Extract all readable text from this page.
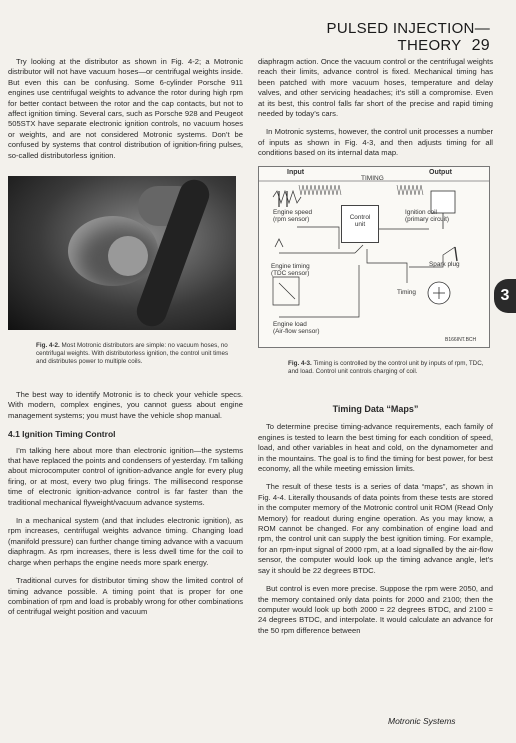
PULSED INJECTION—THEORY 29
3

Try looking at the distributor as shown in Fig. 4-2; a Motronic distributor will not have vacuum hoses—or centrifugal weights inside. But even this can be confusing. Some 6-cylinder Porsche 911 engines use centrifugal weights to advance the rotor during high rpm for better contact between the rotor and the cap contacts, but not to affect ignition timing. Several cars, such as Porsche 928 and Peugeot 505STX have separate electronic ignition controls, no vacuum hoses or weights, and are not considered Motronic systems. Don’t be confused by systems that control distribution of ignition-firing pulses, so-called distributorless ignition.

Fig. 4-2. Most Motronic distributors are simple: no vacuum hoses, no centrifugal weights. With distributorless ignition, the control unit times and distributes power to multiple coils.

The best way to identify Motronic is to check your vehicle specs. With modern, complex engines, you cannot guess about engine management systems; you must have the vehicle shop manual.

4.1 Ignition Timing Control

I’m talking here about more than electronic ignition—the systems that have replaced the points and condensers of yesterday. I’m talking about microcomputer control of ignition-advance angle for every plug firing, or at most, every two plug firings. The millisecond response time of electronic ignition-advance control is far faster than the traditional mechanical flyweight/vacuum advance systems.

In a mechanical system (and that includes electronic ignition), as rpm increases, centrifugal weights advance timing. Changing load (manifold pressure) can further change timing advance with a vacuum diaphragm. As rpm increases, there is less dwell time for the coil to charge when perhaps the engine needs more spark energy.

Traditional curves for distributor timing show the limited control of timing advance possible. A timing point that is proper for one combination of rpm and load is probably wrong for other combinations of centrifugal weight position and vacuum

diaphragm action. Once the vacuum control or the centrifugal weights reach their limits, advance control is fixed. Mechanical timing has been patched with more vacuum hoses, temperature and delay valves, and other servicing headaches; it’s still a compromise. Even at its best, this control falls far short of the precise and rapid timing needed by today’s cars.

In Motronic systems, however, the control unit processes a number of inputs as shown in Fig. 4-3, and then adjusts timing for all conditions based on its internal data map.

Input
TIMING
Output
Engine speed
(rpm sensor)	Control
unit
Ignition coil
(primary circuit)
Engine timing
(TDC sensor)
Spark plug
Timing
Engine load
(Air-flow sensor)
B166INT.BCH
Fig. 4-3. Timing is controlled by the control unit by inputs of rpm, TDC, and load. Control unit controls charging of coil.
Timing Data “Maps”

To determine precise timing-advance requirements, each family of engines is tested to learn the best timing for each condition of speed, load, and other variables in heat and cold, on the dynamometer and in the mountains. The goal is to find the timing for best power, for best economy, all the while meeting emission limits.

The result of these tests is a series of data “maps”, as shown in Fig. 4-4. Literally thousands of data points from these tests are stored in the computer memory of the Motronic control unit ROM (Read Only Memory) for readout during engine operation. As you may know, a ROM cannot be changed. For any combination of engine load and rpm, the control unit can supply the best ignition timing. For example, for an rpm-input signal of 2000 rpm, at a load signalled by the air-flow sensor, the computer would look up the timing advance angle, let’s say it should be 22 degrees BTDC.

But control is even more precise. Suppose the rpm were 2050, and the memory contained only data points for 2000 and 2100; then the computer would look up both 2000 = 22 degrees BTDC, and 2100 = 24 degrees BTDC, and interpolate. It would calculate an advance for the 50 rpm difference between

Motronic Systems
